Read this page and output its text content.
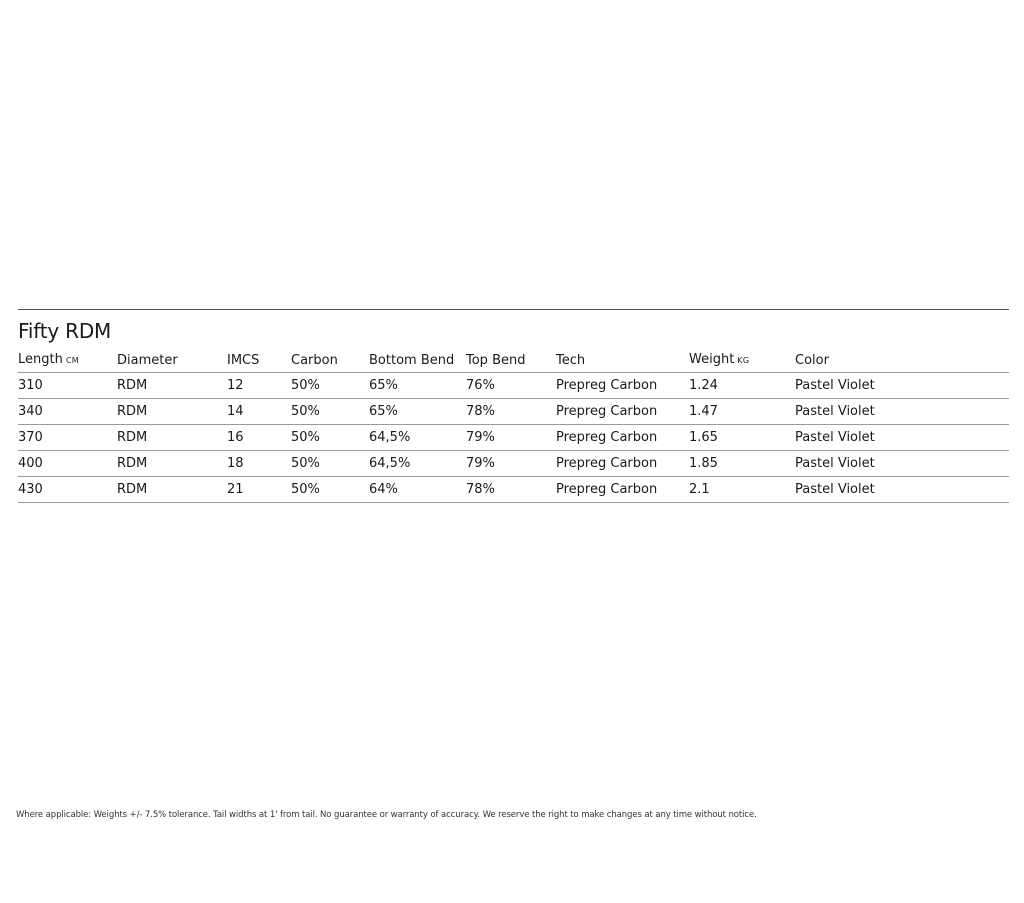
Fifty RDM
Length CM	Diameter	IMCS	Carbon	Bottom Bend	Top Bend	Tech	Weight KG	Color
310	RDM	12	50%	65%	76%	Prepreg Carbon	1.24	Pastel Violet
340	RDM	14	50%	65%	78%	Prepreg Carbon	1.47	Pastel Violet
370	RDM	16	50%	64,5%	79%	Prepreg Carbon	1.65	Pastel Violet
400	RDM	18	50%	64,5%	79%	Prepreg Carbon	1.85	Pastel Violet
430	RDM	21	50%	64%	78%	Prepreg Carbon	2.1	Pastel Violet
Where applicable: Weights +/- 7.5% tolerance. Tail widths at 1' from tail. No guarantee or warranty of accuracy. We reserve the right to make changes at any time without notice.
